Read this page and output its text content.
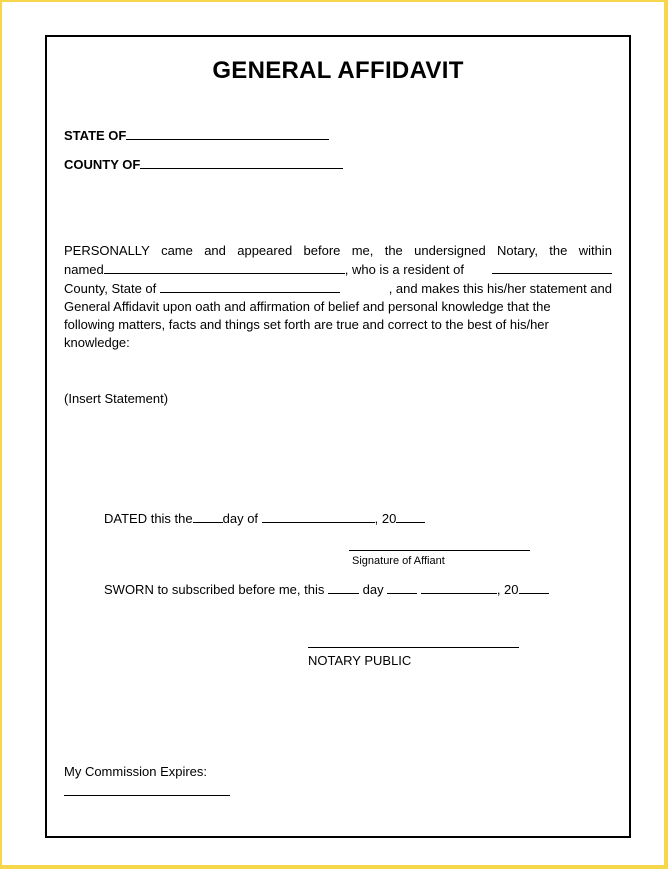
GENERAL AFFIDAVIT
STATE OF
COUNTY OF
PERSONALLY came and appeared before me, the undersigned Notary, the within
named	, who is a resident of
County, State of	, and makes this his/her statement and
General Affidavit upon oath and affirmation of belief and personal knowledge that the
following matters, facts and things set forth are true and correct to the best of his/her
knowledge:
(Insert Statement)
DATED this the day of	, 20
Signature of Affiant
SWORN to subscribed before me, this	day	, 20
NOTARY PUBLIC
My Commission Expires:
